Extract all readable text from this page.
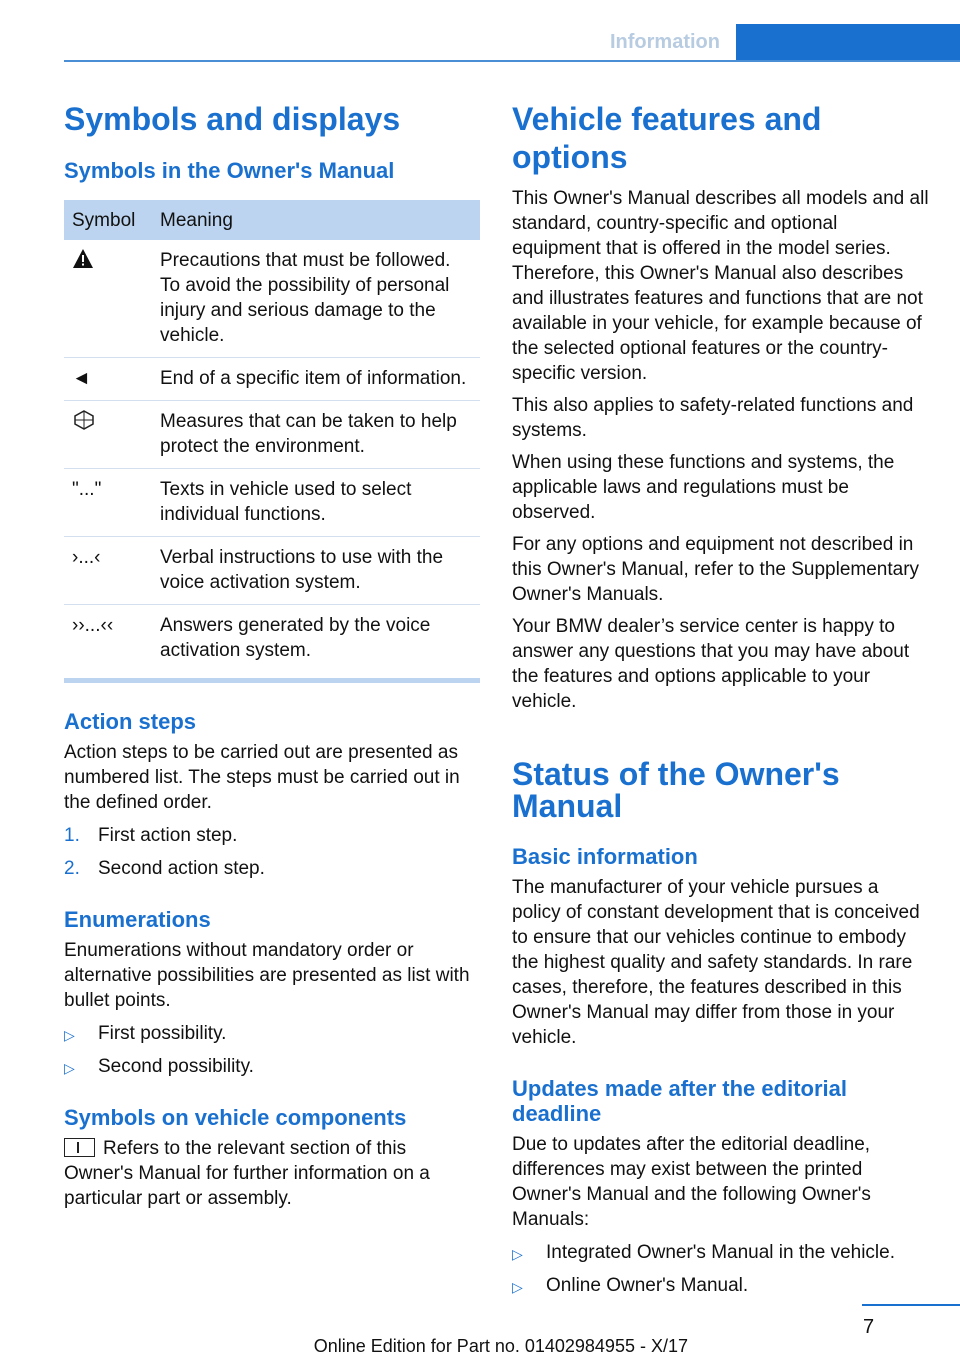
Information
Symbols and displays
Symbols in the Owner's Manual
Symbol	Meaning
	Precautions that must be followed. To avoid the possibility of personal injury and serious damage to the vehicle.
◄	End of a specific item of information.
	Measures that can be taken to help protect the environment.
"..."	Texts in vehicle used to select individual functions.
›...‹	Verbal instructions to use with the voice activation system.
››...‹‹	Answers generated by the voice activation system.
Action steps

Action steps to be carried out are presented as numbered list. The steps must be carried out in the defined order.

1. First action step.
2. Second action step.
Enumerations

Enumerations without mandatory order or alternative possibilities are presented as list with bullet points.

▷ First possibility.
▷ Second possibility.
Symbols on vehicle components

Refers to the relevant section of this Owner's Manual for further information on a particular part or assembly.

Vehicle features and options

This Owner's Manual describes all models and all standard, country-specific and optional equipment that is offered in the model series. Therefore, this Owner's Manual also describes and illustrates features and functions that are not available in your vehicle, for example because of the selected optional features or the country-specific version.

This also applies to safety-related functions and systems.

When using these functions and systems, the applicable laws and regulations must be observed.

For any options and equipment not described in this Owner's Manual, refer to the Supplementary Owner's Manuals.

Your BMW dealer’s service center is happy to answer any questions that you may have about the features and options applicable to your vehicle.

Status of the Owner's Manual
Basic information

The manufacturer of your vehicle pursues a policy of constant development that is conceived to ensure that our vehicles continue to embody the highest quality and safety standards. In rare cases, therefore, the features described in this Owner's Manual may differ from those in your vehicle.

Updates made after the editorial deadline

Due to updates after the editorial deadline, differences may exist between the printed Owner's Manual and the following Owner's Manuals:

▷ Integrated Owner's Manual in the vehicle.
▷ Online Owner's Manual.
7
Online Edition for Part no. 01402984955 - X/17
